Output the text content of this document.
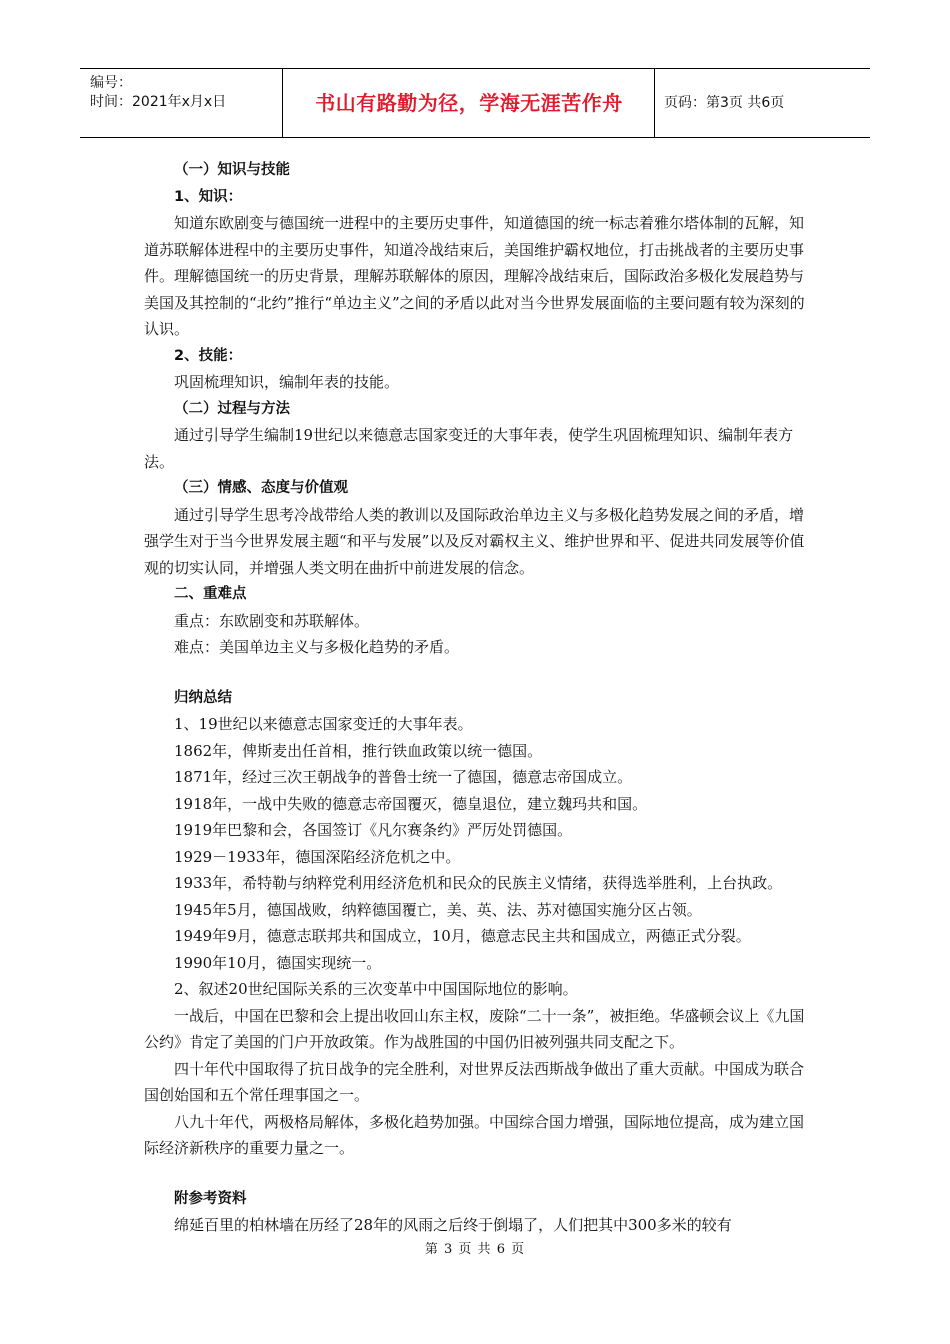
编号：
时间：2021年x月x日	书山有路勤为径，学海无涯苦作舟	页码：第3页 共6页

（一）知识与技能

1、知识：

知道东欧剧变与德国统一进程中的主要历史事件，知道德国的统一标志着雅尔塔体制的瓦解，知道苏联解体进程中的主要历史事件，知道冷战结束后，美国维护霸权地位，打击挑战者的主要历史事件。理解德国统一的历史背景，理解苏联解体的原因，理解冷战结束后，国际政治多极化发展趋势与美国及其控制的“北约”推行“单边主义”之间的矛盾以此对当今世界发展面临的主要问题有较为深刻的认识。

2、技能：

巩固梳理知识，编制年表的技能。

（二）过程与方法

通过引导学生编制19世纪以来德意志国家变迁的大事年表，使学生巩固梳理知识、编制年表方法。

（三）情感、态度与价值观

通过引导学生思考冷战带给人类的教训以及国际政治单边主义与多极化趋势发展之间的矛盾，增强学生对于当今世界发展主题“和平与发展”以及反对霸权主义、维护世界和平、促进共同发展等价值观的切实认同，并增强人类文明在曲折中前进发展的信念。

二、重难点

重点：东欧剧变和苏联解体。

难点：美国单边主义与多极化趋势的矛盾。

归纳总结

1、19世纪以来德意志国家变迁的大事年表。

1862年，俾斯麦出任首相，推行铁血政策以统一德国。

1871年，经过三次王朝战争的普鲁士统一了德国，德意志帝国成立。

1918年，一战中失败的德意志帝国覆灭，德皇退位，建立魏玛共和国。

1919年巴黎和会，各国签订《凡尔赛条约》严厉处罚德国。

1929－1933年，德国深陷经济危机之中。

1933年，希特勒与纳粹党利用经济危机和民众的民族主义情绪，获得选举胜利，上台执政。

1945年5月，德国战败，纳粹德国覆亡，美、英、法、苏对德国实施分区占领。

1949年9月，德意志联邦共和国成立，10月，德意志民主共和国成立，两德正式分裂。

1990年10月，德国实现统一。

2、叙述20世纪国际关系的三次变革中中国国际地位的影响。

一战后，中国在巴黎和会上提出收回山东主权，废除“二十一条”，被拒绝。华盛顿会议上《九国公约》肯定了美国的门户开放政策。作为战胜国的中国仍旧被列强共同支配之下。

四十年代中国取得了抗日战争的完全胜利，对世界反法西斯战争做出了重大贡献。中国成为联合国创始国和五个常任理事国之一。

八九十年代，两极格局解体，多极化趋势加强。中国综合国力增强，国际地位提高，成为建立国际经济新秩序的重要力量之一。

附参考资料

绵延百里的柏林墙在历经了28年的风雨之后终于倒塌了，人们把其中300多米的较有

第 3 页 共 6 页
